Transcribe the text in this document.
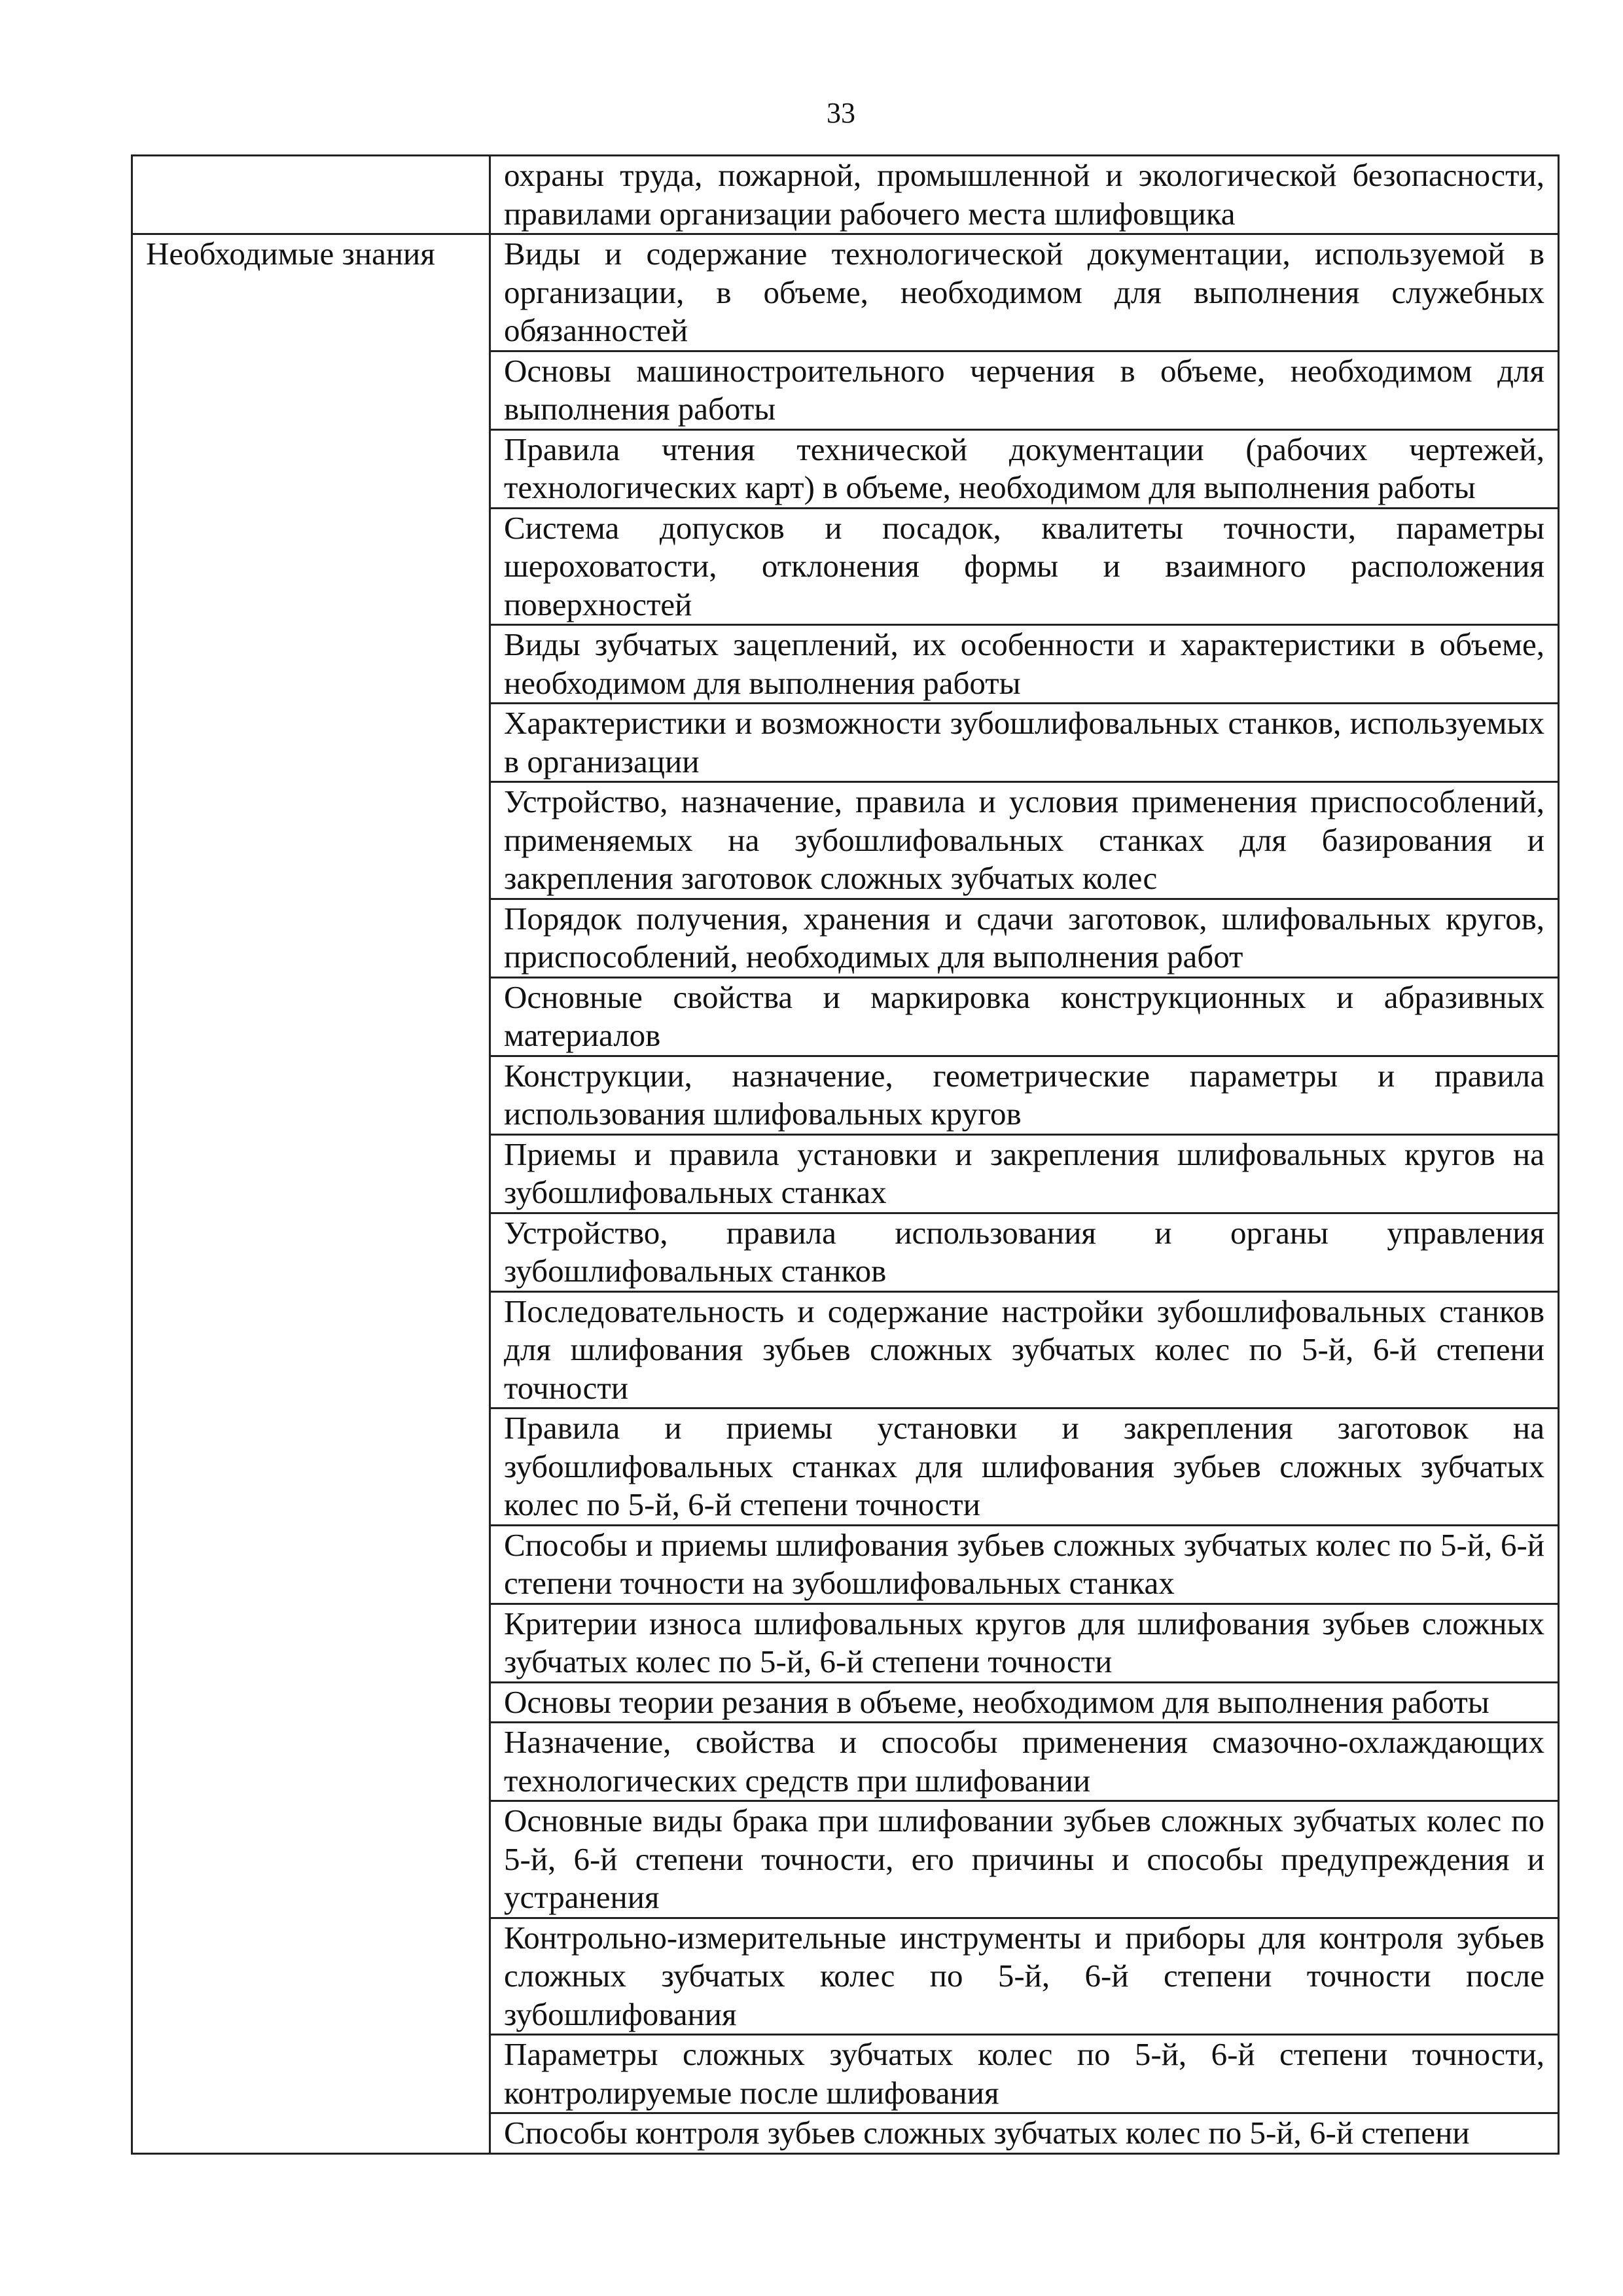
33
	охраны труда, пожарной, промышленной и экологической безопасности, правилами организации рабочего места шлифовщика
Необходимые знания	Виды и содержание технологической документации, используемой в организации, в объеме, необходимом для выполнения служебных обязанностей
	Основы машиностроительного черчения в объеме, необходимом для выполнения работы
	Правила чтения технической документации (рабочих чертежей, технологических карт) в объеме, необходимом для выполнения работы
	Система допусков и посадок, квалитеты точности, параметры шероховатости, отклонения формы и взаимного расположения поверхностей
	Виды зубчатых зацеплений, их особенности и характеристики в объеме, необходимом для выполнения работы
	Характеристики и возможности зубошлифовальных станков, используемых в организации
	Устройство, назначение, правила и условия применения приспособлений, применяемых на зубошлифовальных станках для базирования и закрепления заготовок сложных зубчатых колес
	Порядок получения, хранения и сдачи заготовок, шлифовальных кругов, приспособлений, необходимых для выполнения работ
	Основные свойства и маркировка конструкционных и абразивных материалов
	Конструкции, назначение, геометрические параметры и правила использования шлифовальных кругов
	Приемы и правила установки и закрепления шлифовальных кругов на зубошлифовальных станках
	Устройство, правила использования и органы управления зубошлифовальных станков
	Последовательность и содержание настройки зубошлифовальных станков для шлифования зубьев сложных зубчатых колес по 5-й, 6-й степени точности
	Правила и приемы установки и закрепления заготовок на зубошлифовальных станках для шлифования зубьев сложных зубчатых колес по 5-й, 6-й степени точности
	Способы и приемы шлифования зубьев сложных зубчатых колес по 5-й, 6-й степени точности на зубошлифовальных станках
	Критерии износа шлифовальных кругов для шлифования зубьев сложных зубчатых колес по 5-й, 6-й степени точности
	Основы теории резания в объеме, необходимом для выполнения работы
	Назначение, свойства и способы применения смазочно-охлаждающих технологических средств при шлифовании
	Основные виды брака при шлифовании зубьев сложных зубчатых колес по 5-й, 6-й степени точности, его причины и способы предупреждения и устранения
	Контрольно-измерительные инструменты и приборы для контроля зубьев сложных зубчатых колес по 5-й, 6-й степени точности после зубошлифования
	Параметры сложных зубчатых колес по 5-й, 6-й степени точности, контролируемые после шлифования
	Способы контроля зубьев сложных зубчатых колес по 5-й, 6-й степени
